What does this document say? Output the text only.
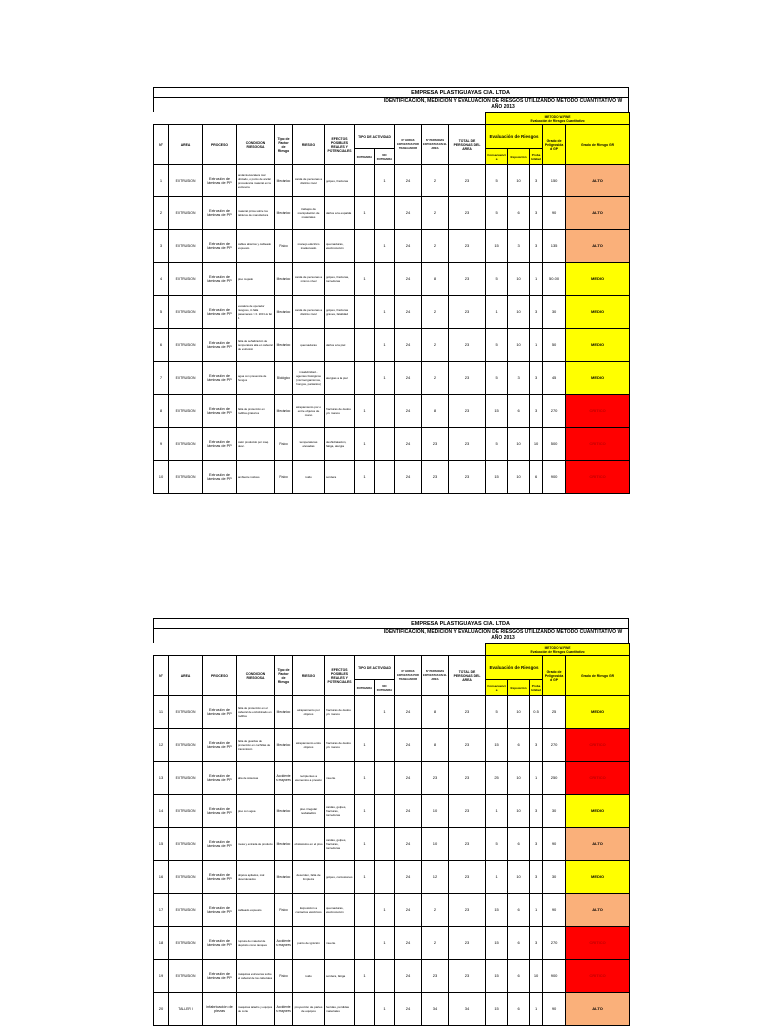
EMPRESA PLASTIGUAYAS CIA. LTDA
IDENTIFICACION, MEDICION Y EVALUACION DE RIESGOS UTILIZANDO METODO CUANTITATIVO W
AÑO 2013

												METODO W.FINE
Evaluación de Riesgos Cuantitativo				

N°	AREA	PROCESO	CONDICION RIESGOSA	Tipo de Factor de Riesgo	RIESGO	EFECTOS POSIBLES REALES Y POTENCIALES	TIPO DE ACTIVIDAD		N° HORAS EXPUESTAS POR TRABAJADOR	N° PERSONAS EXPUESTAS EN EL AREA	TOTAL DE PERSONAS DEL AREA	Evaluación de Riesgos			Grado de Peligrosidad GP	Grado de Riesgo GR
							RUTINARIA	NO RUTINARIA				Consecuencia	Exposición	Probabilidad		
1	EXTRUSION	Extrusión de láminas de PP	andamio/escalera mal ubicado, o punto de anclar procedencia material en la extrusora	Mecánico	caída de personas a distinto nivel	golpes, fracturas		1	24	2	23	5	10	3	150	ALTO
2	EXTRUSION	Extrusión de láminas de PP	material prima sobre los tableros de manufactura	Mecánico	trabajos de manipulación de materiales	daños a la espalda	1		24	2	23	5	6	3	90	ALTO
3	EXTRUSION	Extrusión de láminas de PP	cables abiertos y cableado expuesto	Físico	manejo eléctrico inadecuado	quemaduras, electrocución		1	24	2	23	15	3	3	135	ALTO
4	EXTRUSION	Extrusión de láminas de PP	piso mojado	Mecánico	caída de personas a mismo nivel	golpes, fracturas, torceduras	1		24	8	23	5	10	1	50.00	MEDIO
5	EXTRUSION	Extrusión de láminas de PP	escalera de operador riesgoso, in falla pasamanos > 0. 200 Lts fat 1	Mecánico	caída de personas a distinto nivel	golpes, fracturas graves, fatalidad		1	24	2	23	1	10	3	30	MEDIO
6	EXTRUSION	Extrusión de láminas de PP	falta de señalización de temperatura alta en cabezal de extrusión	Mecánico	quemaduras	daños a la piel		1	24	2	23	5	10	1	50	MEDIO
7	EXTRUSION	Extrusión de láminas de PP	agua con presencia de hongos	Biológico	insalubridad - agentes biológicos (microorganismos, hongos, parásitos)	alergias a la piel		1	24	2	23	5	3	3	45	MEDIO
8	EXTRUSION	Extrusión de láminas de PP	falta de protección en rodillos giratorios	Mecánico	atrapamiento por o entre objetos de mano	fracturas de dedos y/o manos	1		24	8	23	15	6	3	270	CRITICO
9	EXTRUSION	Extrusión de láminas de PP	calor producido por maq. desc.	Físico	temperaturas elevadas	deshidratación, fatiga, alergia	1		24	23	23	5	10	10	500	CRITICO
10	EXTRUSION	Extrusión de láminas de PP	ambiente ruidoso	Físico	ruido	sordera	1		24	23	23	15	10	6	900	CRITICO
EMPRESA PLASTIGUAYAS CIA. LTDA
IDENTIFICACION, MEDICION Y EVALUACION DE RIESGOS UTILIZANDO METODO CUANTITATIVO W
AÑO 2013

												METODO W.FINE
Evaluación de Riesgos Cuantitativo				

N°	AREA	PROCESO	CONDICION RIESGOSA	Tipo de Factor de Riesgo	RIESGO	EFECTOS POSIBLES REALES Y POTENCIALES	TIPO DE ACTIVIDAD		N° HORAS EXPUESTAS POR TRABAJADOR	N° PERSONAS EXPUESTAS EN EL AREA	TOTAL DE PERSONAS DEL AREA	Evaluación de Riesgos			Grado de Peligrosidad GP	Grado de Riesgo GR
							RUTINARIA	NO RUTINARIA				Consecuencia	Exposición	Probabilidad		
11	EXTRUSION	Extrusión de láminas de PP	falta de protección en el cabezal de embobinado en rodillos	Mecánico	atrapamiento por objetos	fracturas de dedos y/o manos		1	24	8	23	5	10	0.5	25	MEDIO
12	EXTRUSION	Extrusión de láminas de PP	falta de guardas de protección en cuchillas de transmisión	Mecánico	atrapamiento entre objetos	fracturas de dedos y/o manos	1		24	8	23	15	6	3	270	CRITICO
13	EXTRUSION	Extrusión de láminas de PP	alta de sistemas	Accidentes mayores	recipientes a elementos a presión	muerte	1		24	23	23	25	10	1	250	CRITICO
14	EXTRUSION	Extrusión de láminas de PP	piso con agua	Mecánico	piso irregular resbaladizo	caídas, golpes, fracturas, torceduras	1		24	10	23	1	10	3	30	MEDIO
15	EXTRUSION	Extrusión de láminas de PP	mesa y entrada de producto	Mecánico	obstáculos en el piso	caídas, golpes, fracturas, torceduras	1		24	10	23	5	6	3	90	ALTO
16	EXTRUSION	Extrusión de láminas de PP	objetos apilados, mal desordenados	Mecánico	desorden, falta de limpieza	golpes, contusiones	1		24	12	23	1	10	3	30	MEDIO
17	EXTRUSION	Extrusión de láminas de PP	cableado expuesto	Físico	Exposición a contactos eléctricos	quemaduras, electrocución		1	24	2	23	15	6	1	90	ALTO
18	EXTRUSION	Extrusión de láminas de PP	ruptura de material de depósito como tanques	Accidentes mayores	punto de ignición	muerte		1	24	2	23	15	6	3	270	CRITICO
19	EXTRUSION	Extrusión de láminas de PP	máquinas extrusoras sobre el cabezal de los cabezales	Físico	ruido	sordera, fatiga	1		24	23	23	15	6	10	900	CRITICO
20	TALLER I	infabricación de piezas	maquinas taladro y equipos de corte	Accidentes mayores	proyección de partes de equipos	heridas, pérdidas materiales		1	24	34	34	15	6	1	90	ALTO
